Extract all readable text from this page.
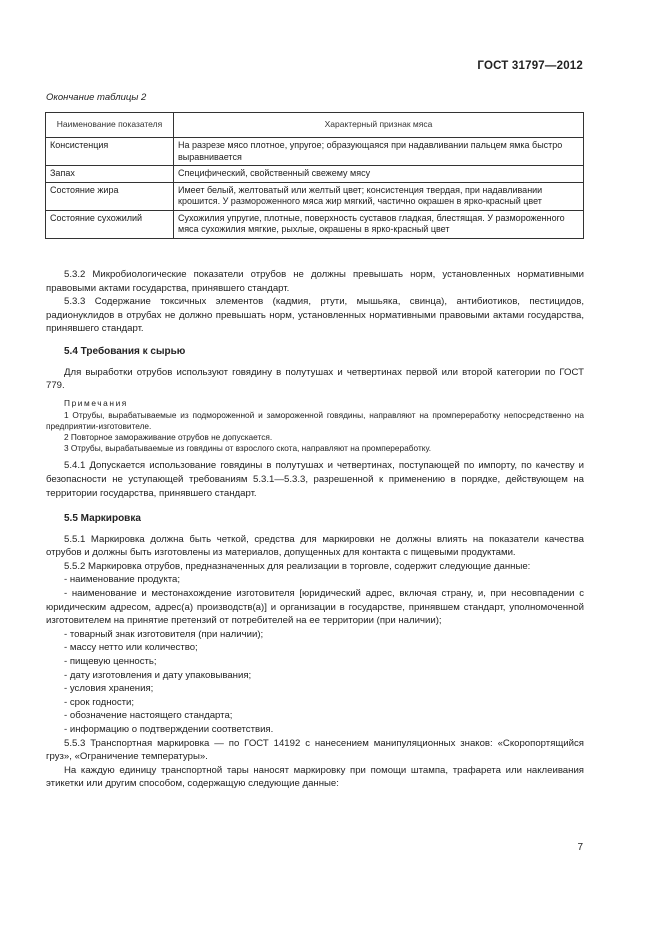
ГОСТ 31797—2012
Окончание таблицы 2
Наименование показателя	Характерный признак мяса
Консистенция	На разрезе мясо плотное, упругое; образующаяся при надавливании пальцем ямка быстро выравнивается
Запах	Специфический, свойственный свежему мясу
Состояние жира	Имеет белый, желтоватый или желтый цвет; консистенция твердая, при надавливании крошится. У размороженного мяса жир мягкий, частично окрашен в ярко-красный цвет
Состояние сухожилий	Сухожилия упругие, плотные, поверхность суставов гладкая, блестящая. У размороженного мяса сухожилия мягкие, рыхлые, окрашены в ярко-красный цвет

5.3.2 Микробиологические показатели отрубов не должны превышать норм, установленных нормативными правовыми актами государства, принявшего стандарт.

5.3.3 Содержание токсичных элементов (кадмия, ртути, мышьяка, свинца), антибиотиков, пестицидов, радионуклидов в отрубах не должно превышать норм, установленных нормативными правовыми актами государства, принявшего стандарт.

5.4 Требования к сырью

Для выработки отрубов используют говядину в полутушах и четвертинах первой или второй категории по ГОСТ 779.

Примечания

1 Отрубы, вырабатываемые из подмороженной и замороженной говядины, направляют на промпереработку непосредственно на предприятии-изготовителе.

2 Повторное замораживание отрубов не допускается.

3 Отрубы, вырабатываемые из говядины от взрослого скота, направляют на промпереработку.

5.4.1 Допускается использование говядины в полутушах и четвертинах, поступающей по импорту, по качеству и безопасности не уступающей требованиям 5.3.1—5.3.3, разрешенной к применению в порядке, действующем на территории государства, принявшего стандарт.

5.5 Маркировка

5.5.1 Маркировка должна быть четкой, средства для маркировки не должны влиять на показатели качества отрубов и должны быть изготовлены из материалов, допущенных для контакта с пищевыми продуктами.

5.5.2 Маркировка отрубов, предназначенных для реализации в торговле, содержит следующие данные:

- наименование продукта;

- наименование и местонахождение изготовителя [юридический адрес, включая страну, и, при несовпадении с юридическим адресом, адрес(а) производств(а)] и организации в государстве, принявшем стандарт, уполномоченной изготовителем на принятие претензий от потребителей на ее территории (при наличии);

- товарный знак изготовителя (при наличии);

- массу нетто или количество;

- пищевую ценность;

- дату изготовления и дату упаковывания;

- условия хранения;

- срок годности;

- обозначение настоящего стандарта;

- информацию о подтверждении соответствия.

5.5.3 Транспортная маркировка — по ГОСТ 14192 с нанесением манипуляционных знаков: «Скоропортящийся груз», «Ограничение температуры».

На каждую единицу транспортной тары наносят маркировку при помощи штампа, трафарета или наклеивания этикетки или другим способом, содержащую следующие данные:

7
